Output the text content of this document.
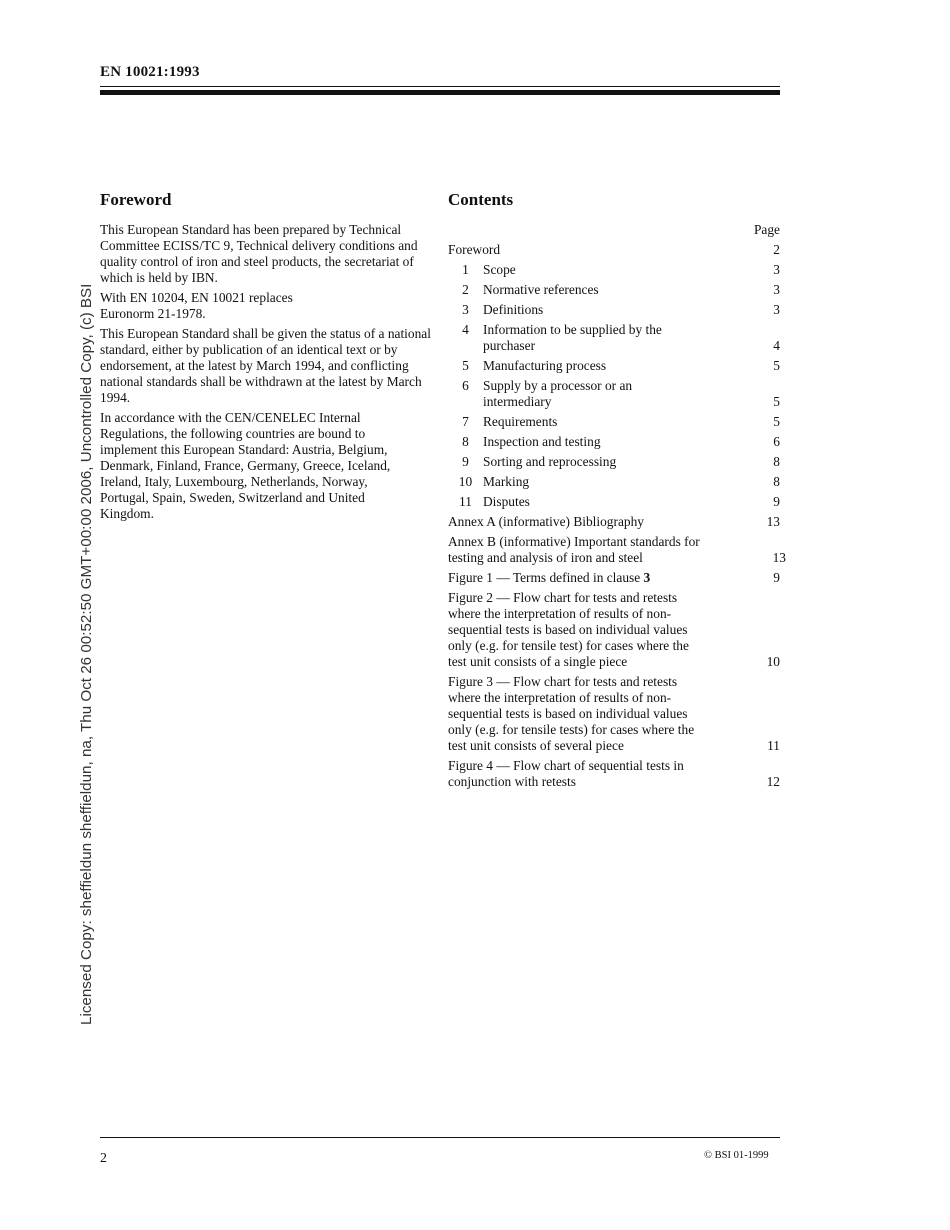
EN 10021:1993
Licensed Copy: sheffieldun sheffieldun, na, Thu Oct 26 00:52:50 GMT+00:00 2006, Uncontrolled Copy, (c) BSI
Foreword

This European Standard has been prepared by Technical Committee ECISS/TC 9, Technical delivery conditions and quality control of iron and steel products, the secretariat of which is held by IBN.

With EN 10204, EN 10021 replaces Euronorm 21-1978.

This European Standard shall be given the status of a national standard, either by publication of an identical text or by endorsement, at the latest by March 1994, and conflicting national standards shall be withdrawn at the latest by March 1994.

In accordance with the CEN/CENELEC Internal Regulations, the following countries are bound to implement this European Standard: Austria, Belgium, Denmark, Finland, France, Germany, Greece, Iceland, Ireland, Italy, Luxembourg, Netherlands, Norway, Portugal, Spain, Sweden, Switzerland and United Kingdom.

Contents
Page
Foreword	2
1	Scope	3
2	Normative references	3
3	Definitions	3
4	Information to be supplied by the purchaser	4
5	Manufacturing process	5
6	Supply by a processor or an intermediary	5
7	Requirements	5
8	Inspection and testing	6
9	Sorting and reprocessing	8
10 Marking	8
11 Disputes	9
Annex A (informative) Bibliography	13
Annex B (informative) Important standards for testing and analysis of iron and steel	13
Figure 1 — Terms defined in clause 3	9
Figure 2 — Flow chart for tests and retests where the interpretation of results of non-sequential tests is based on individual values only (e.g. for tensile test) for cases where the test unit consists of a single piece	10
Figure 3 — Flow chart for tests and retests where the interpretation of results of non-sequential tests is based on individual values only (e.g. for tensile tests) for cases where the test unit consists of several piece	11
Figure 4 — Flow chart of sequential tests in conjunction with retests	12
2	© BSI 01-1999
